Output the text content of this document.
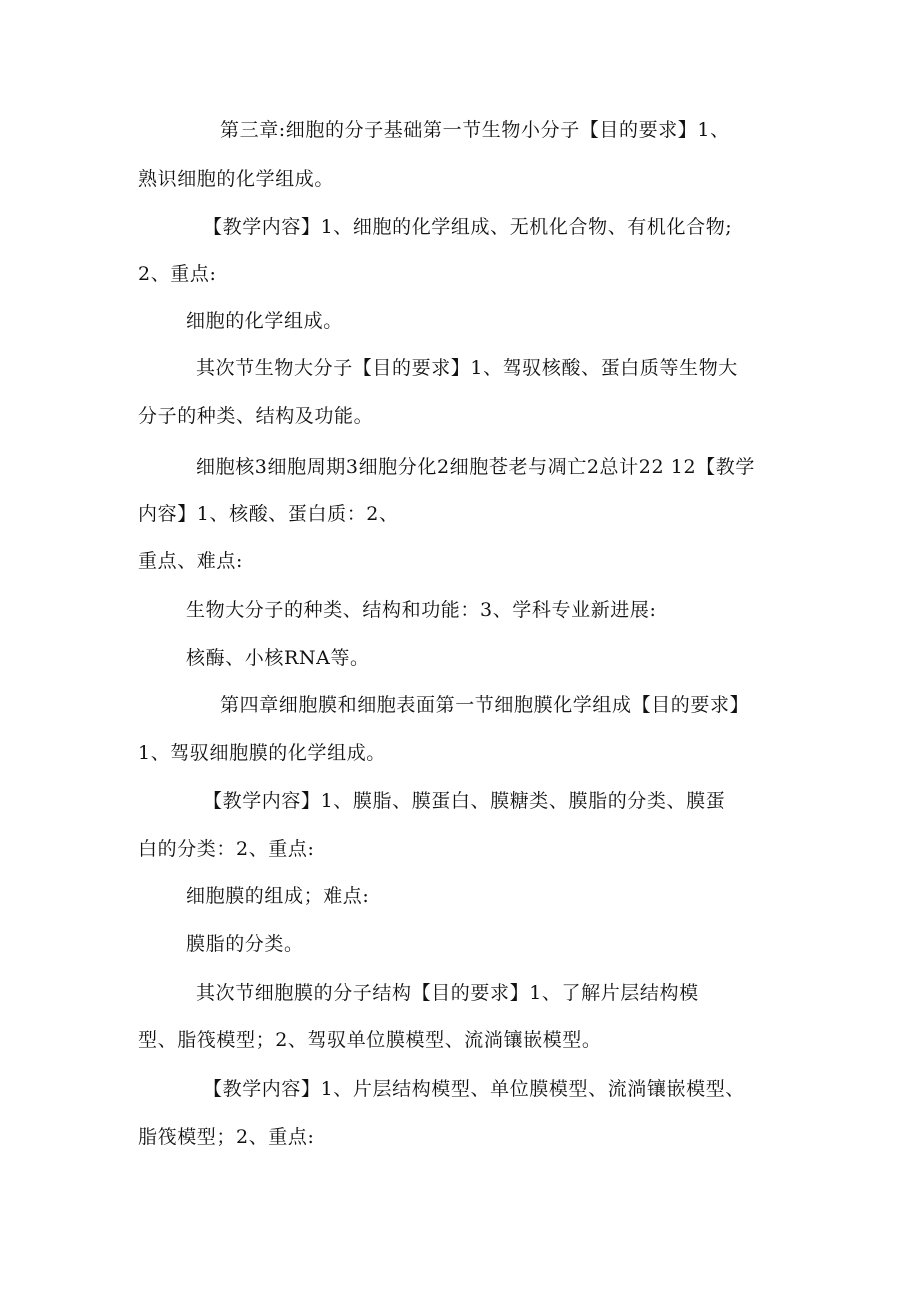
第三章:细胞的分子基础第一节生物小分子【目的要求】1、
熟识细胞的化学组成。
【教学内容】1、细胞的化学组成、无机化合物、有机化合物;
2、重点:
细胞的化学组成。
其次节生物大分子【目的要求】1、驾驭核酸、蛋白质等生物大
分子的种类、结构及功能。
细胞核3细胞周期3细胞分化2细胞苍老与凋亡2总计22 12【教学
内容】1、核酸、蛋白质：2、
重点、难点:
生物大分子的种类、结构和功能：3、学科专业新进展:
核酶、小核RNA等。
第四章细胞膜和细胞表面第一节细胞膜化学组成【目的要求】
1、驾驭细胞膜的化学组成。
【教学内容】1、膜脂、膜蛋白、膜糖类、膜脂的分类、膜蛋
白的分类：2、重点:
细胞膜的组成；难点:
膜脂的分类。
其次节细胞膜的分子结构【目的要求】1、了解片层结构模
型、脂筏模型；2、驾驭单位膜模型、流淌镶嵌模型。
【教学内容】1、片层结构模型、单位膜模型、流淌镶嵌模型、
脂筏模型；2、重点:
